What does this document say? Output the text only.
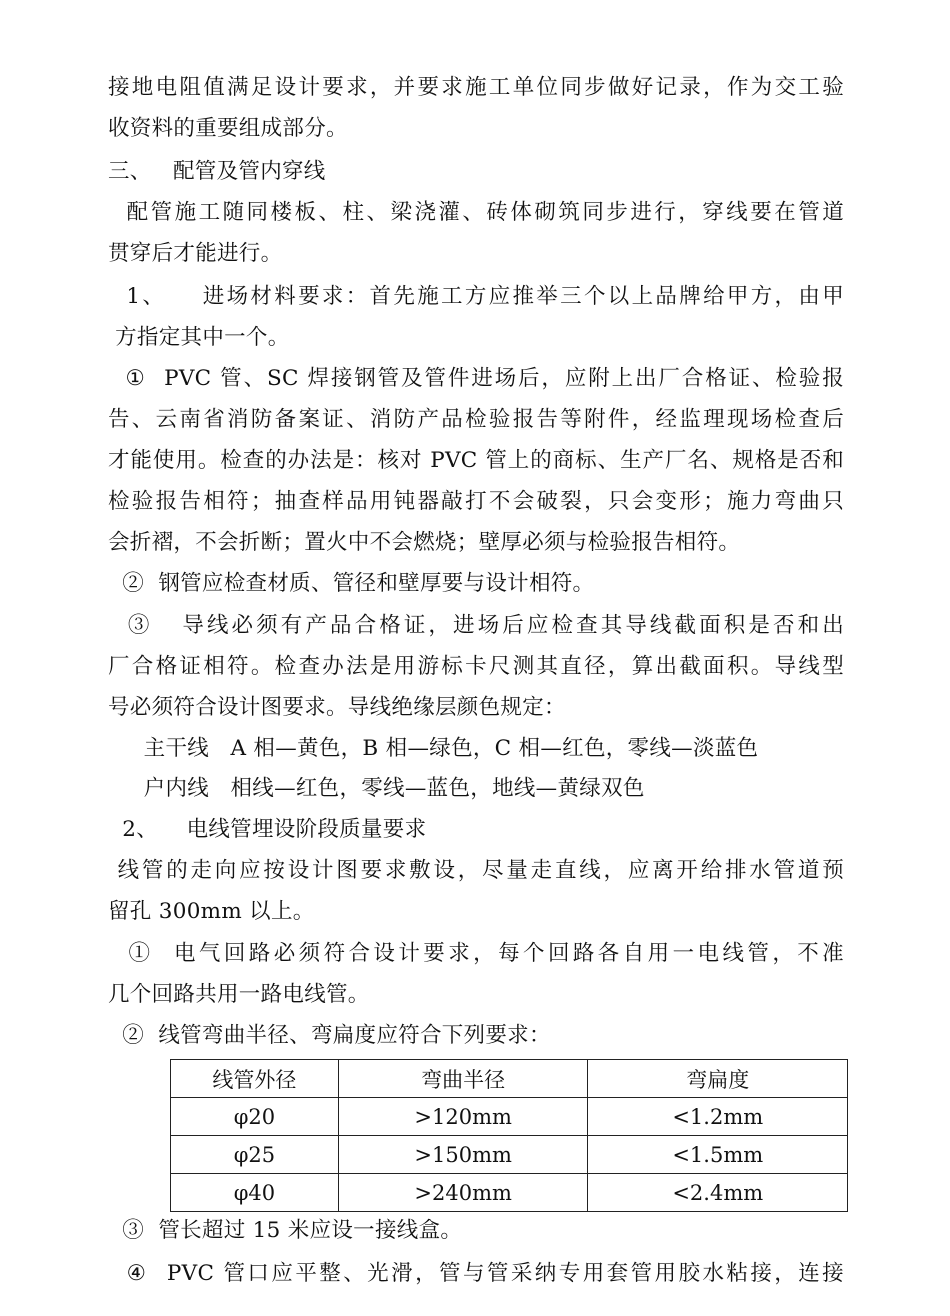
接地电阻值满足设计要求，并要求施工单位同步做好记录，作为交工验
收资料的重要组成部分。
三、   配管及管内穿线
配管施工随同楼板、柱、梁浇灌、砖体砌筑同步进行，穿线要在管道
贯穿后才能进行。
1、    进场材料要求：首先施工方应推举三个以上品牌给甲方，由甲
方指定其中一个。
①  PVC 管、SC 焊接钢管及管件进场后，应附上出厂合格证、检验报
告、云南省消防备案证、消防产品检验报告等附件，经监理现场检查后
才能使用。检查的办法是：核对 PVC 管上的商标、生产厂名、规格是否和
检验报告相符；抽查样品用钝器敲打不会破裂，只会变形；施力弯曲只
会折褶，不会折断；置火中不会燃烧；壁厚必须与检验报告相符。
②  钢管应检查材质、管径和壁厚要与设计相符。
③   导线必须有产品合格证，进场后应检查其导线截面积是否和出
厂合格证相符。检查办法是用游标卡尺测其直径，算出截面积。导线型
号必须符合设计图要求。导线绝缘层颜色规定：
主干线   A 相—黄色，B 相—绿色，C 相—红色，零线—淡蓝色
户内线   相线—红色，零线—蓝色，地线—黄绿双色
2、    电线管埋设阶段质量要求
线管的走向应按设计图要求敷设，尽量走直线，应离开给排水管道预
留孔 300mm 以上。
①  电气回路必须符合设计要求，每个回路各自用一电线管，不准
几个回路共用一路电线管。
②  线管弯曲半径、弯扁度应符合下列要求：
线管外径	弯曲半径	弯扁度
φ20	>120mm	<1.2mm
φ25	>150mm	<1.5mm
φ40	>240mm	<2.4mm
③  管长超过 15 米应设一接线盒。
④  PVC 管口应平整、光滑，管与管采纳专用套管用胶水粘接，连接
